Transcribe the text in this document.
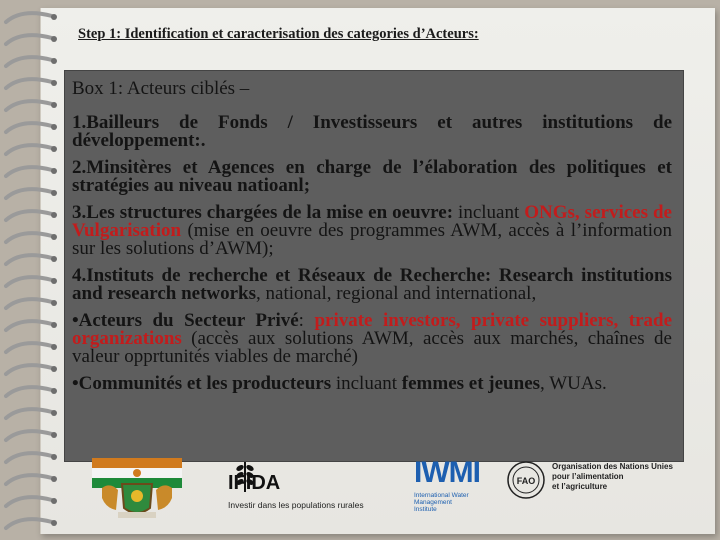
Step 1: Identification et caracterisation des categories d’Acteurs:

Box 1: Acteurs ciblés –

1.Bailleurs de Fonds / Investisseurs et autres institutions de développement:.

2.Minsitères et Agences en charge de l’élaboration des politiques et stratégies au niveau natioanl;

3.Les structures chargées de la mise en oeuvre: incluant ONGs, services de Vulgarisation (mise en oeuvre des programmes AWM, accès à l’information sur les solutions d’AWM);

4.Instituts de recherche et Réseaux de Recherche: Research institutions and research networks, national, regional and international,

•Acteurs du Secteur Privé: private investors, private suppliers, trade organizations (accès aux solutions AWM, accès aux marchés, chaînes de valeur opprtunités viables de marché)

•Communités et les producteurs incluant femmes et jeunes, WUAs.

IFIDA
Investir dans les populations rurales
IWMI
International Water Management Institute
FAO
Organisation des Nations Unies
pour l’alimentation
et l’agriculture
